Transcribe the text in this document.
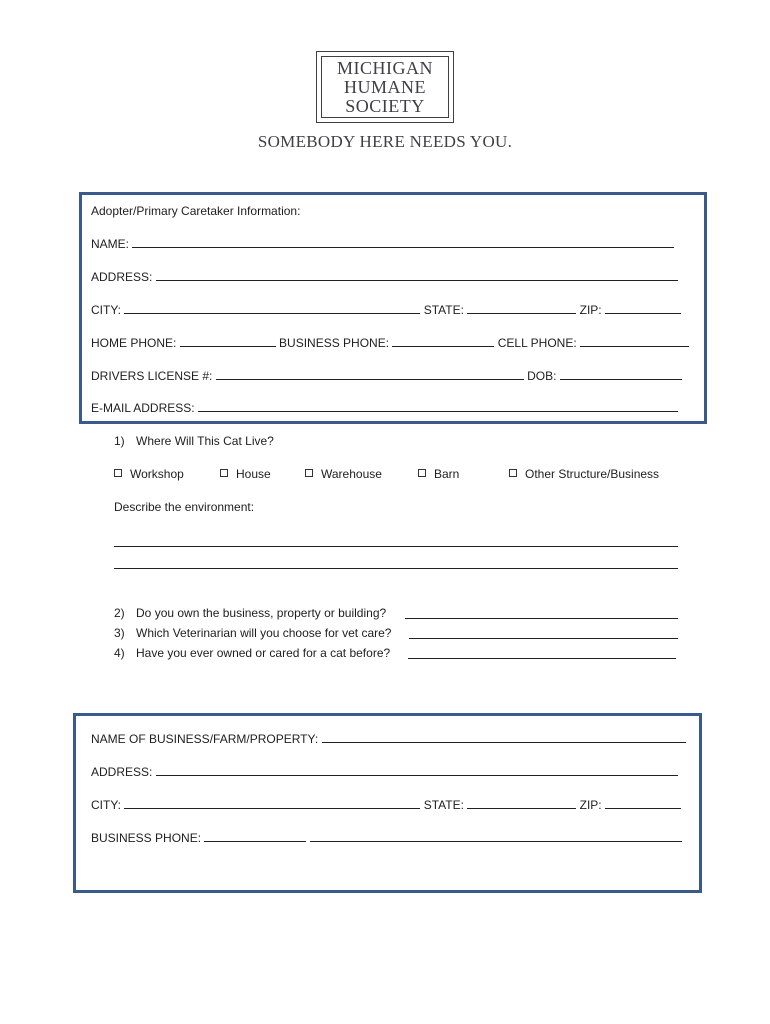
MICHIGAN
HUMANE
SOCIETY
SOMEBODY HERE NEEDS YOU.
Adopter/Primary Caretaker Information:
NAME:
ADDRESS:
CITY:	STATE:	ZIP:
HOME PHONE:	BUSINESS PHONE:	CELL PHONE:
DRIVERS LICENSE #:	DOB:
E-MAIL ADDRESS:
1) Where Will This Cat Live?
Workshop	House	Warehouse	Barn	Other Structure/Business
Describe the environment:
2) Do you own the business, property or building?
3) Which Veterinarian will you choose for vet care?
4) Have you ever owned or cared for a cat before?
NAME OF BUSINESS/FARM/PROPERTY:
ADDRESS:
CITY:	STATE:	ZIP:
BUSINESS PHONE:
